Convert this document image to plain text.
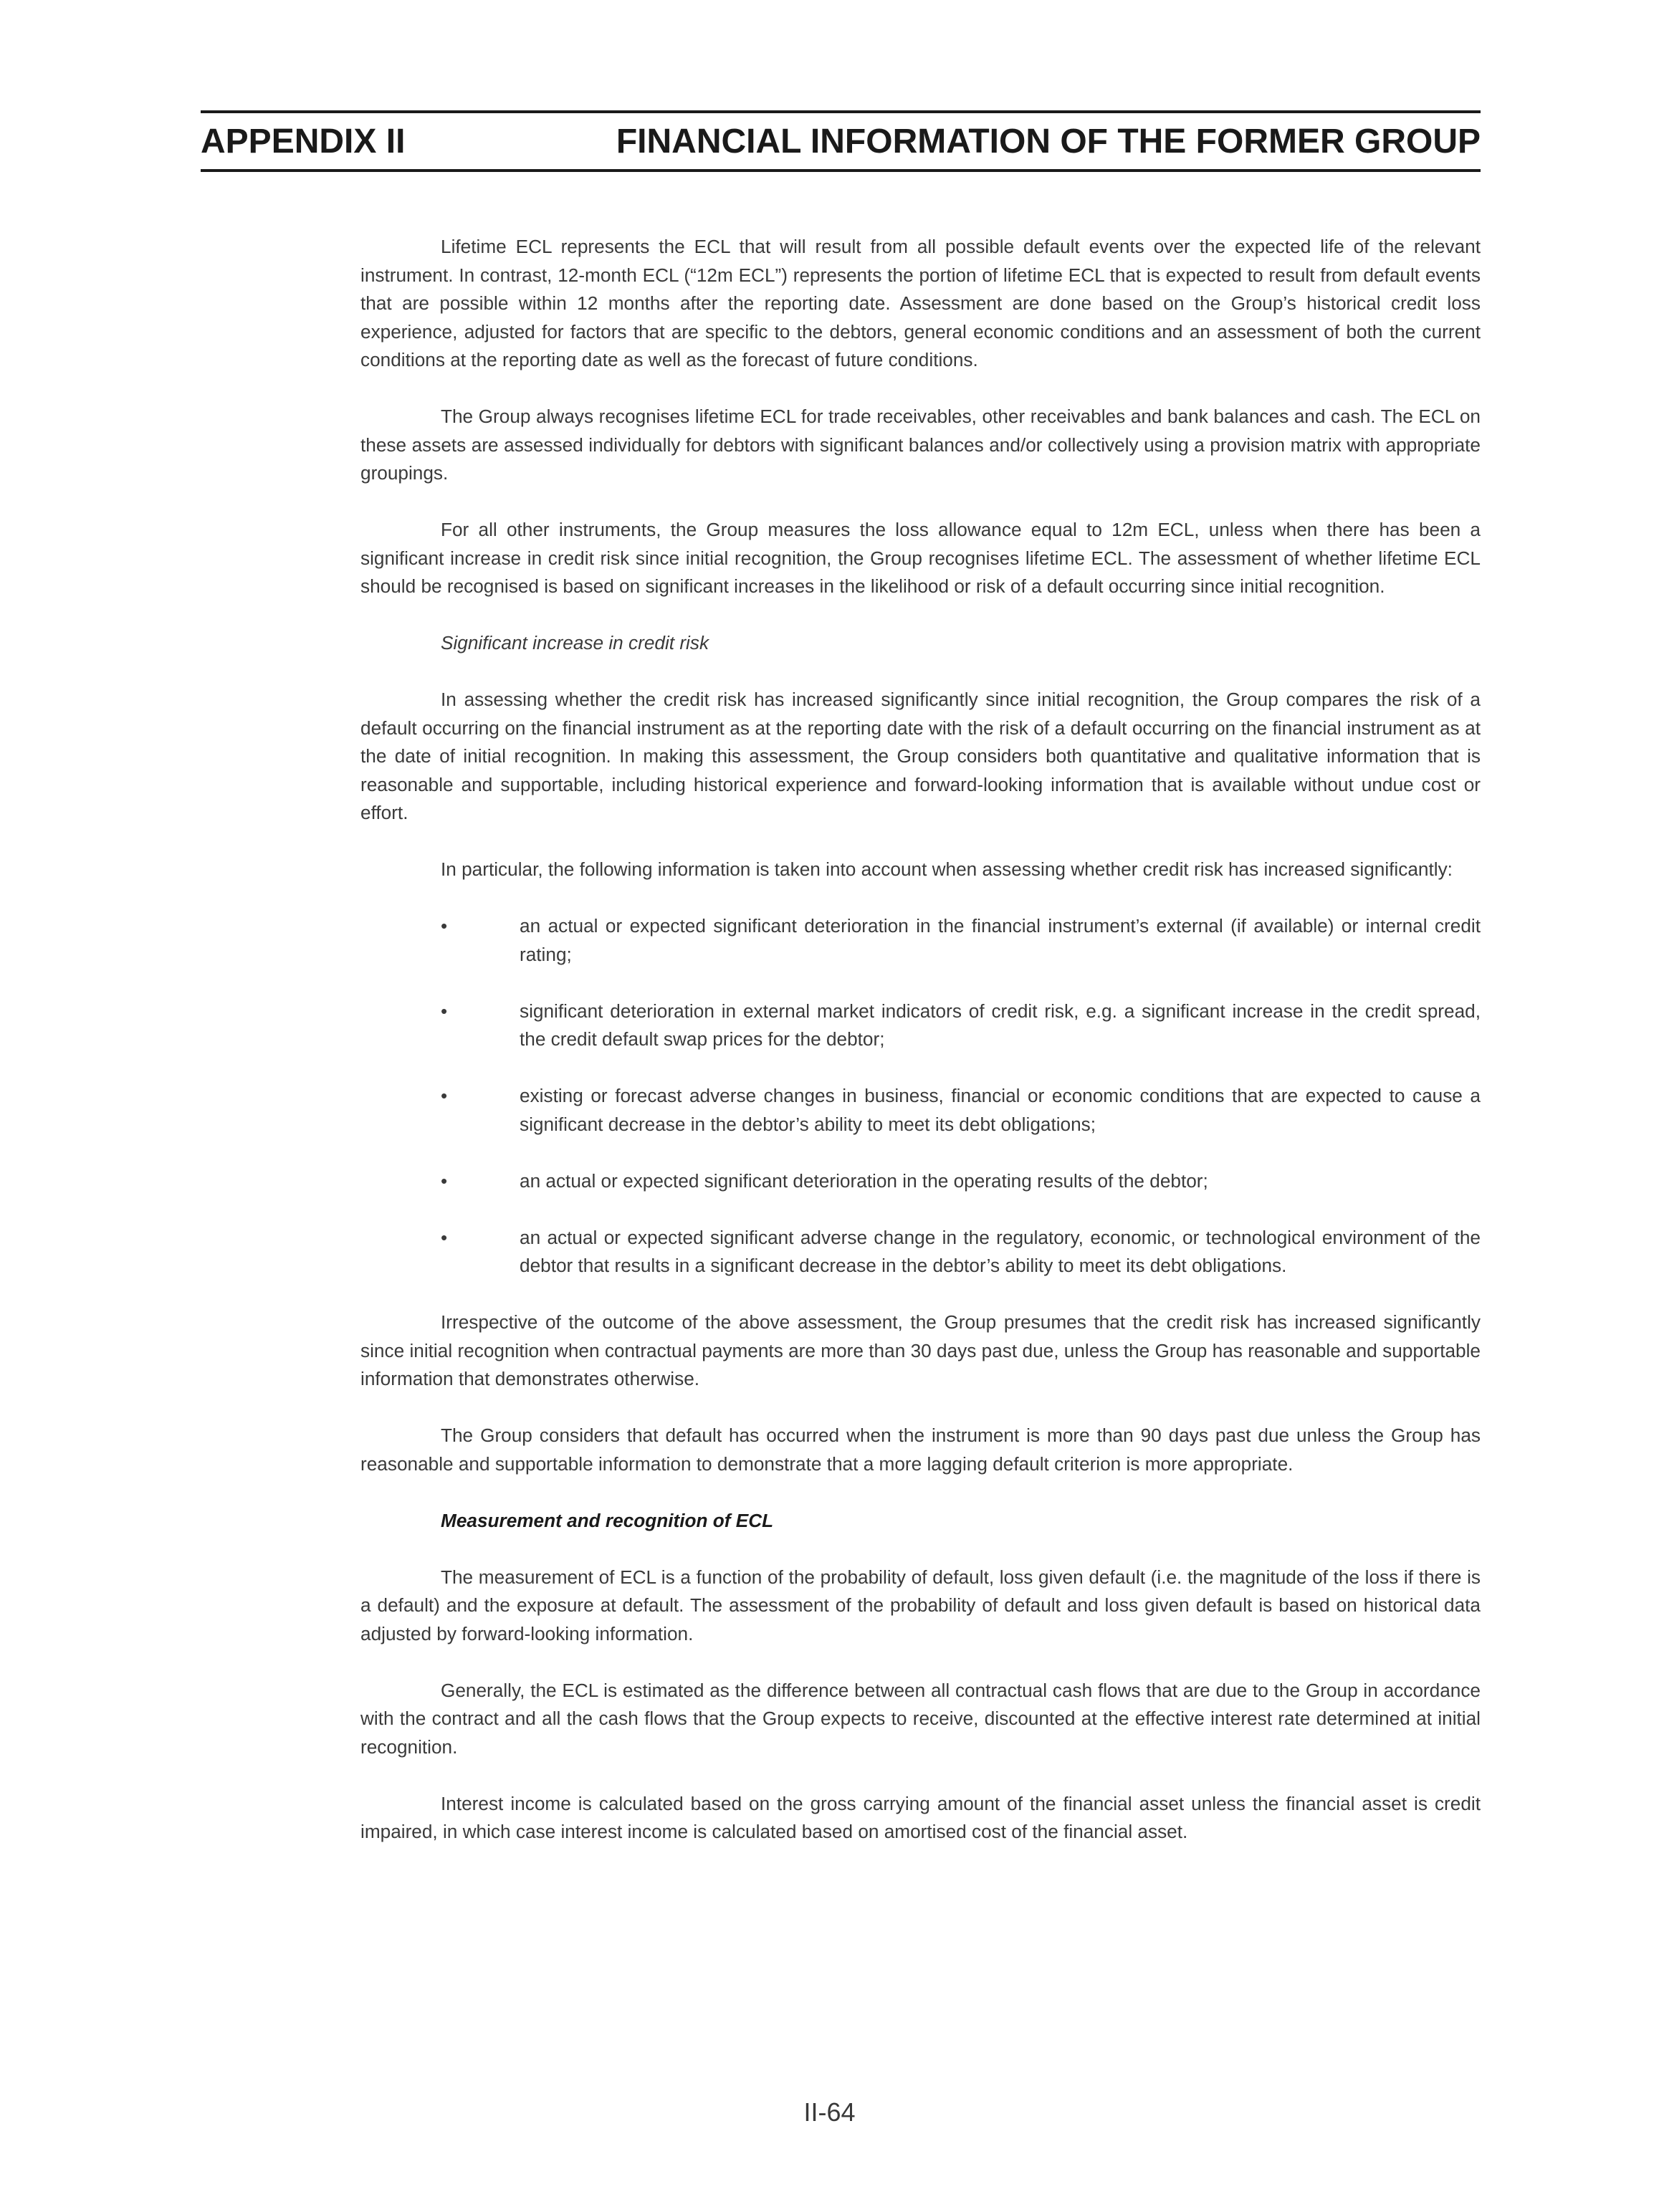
APPENDIX II	FINANCIAL INFORMATION OF THE FORMER GROUP

Lifetime ECL represents the ECL that will result from all possible default events over the expected life of the relevant instrument. In contrast, 12-month ECL (“12m ECL”) represents the portion of lifetime ECL that is expected to result from default events that are possible within 12 months after the reporting date. Assessment are done based on the Group’s historical credit loss experience, adjusted for factors that are specific to the debtors, general economic conditions and an assessment of both the current conditions at the reporting date as well as the forecast of future conditions.

The Group always recognises lifetime ECL for trade receivables, other receivables and bank balances and cash. The ECL on these assets are assessed individually for debtors with significant balances and/or collectively using a provision matrix with appropriate groupings.

For all other instruments, the Group measures the loss allowance equal to 12m ECL, unless when there has been a significant increase in credit risk since initial recognition, the Group recognises lifetime ECL. The assessment of whether lifetime ECL should be recognised is based on significant increases in the likelihood or risk of a default occurring since initial recognition.

Significant increase in credit risk

In assessing whether the credit risk has increased significantly since initial recognition, the Group compares the risk of a default occurring on the financial instrument as at the reporting date with the risk of a default occurring on the financial instrument as at the date of initial recognition. In making this assessment, the Group considers both quantitative and qualitative information that is reasonable and supportable, including historical experience and forward-looking information that is available without undue cost or effort.

In particular, the following information is taken into account when assessing whether credit risk has increased significantly:

•	an actual or expected significant deterioration in the financial instrument’s external (if available) or internal credit rating;
•	significant deterioration in external market indicators of credit risk, e.g. a significant increase in the credit spread, the credit default swap prices for the debtor;
•	existing or forecast adverse changes in business, financial or economic conditions that are expected to cause a significant decrease in the debtor’s ability to meet its debt obligations;
•	an actual or expected significant deterioration in the operating results of the debtor;
•	an actual or expected significant adverse change in the regulatory, economic, or technological environment of the debtor that results in a significant decrease in the debtor’s ability to meet its debt obligations.

Irrespective of the outcome of the above assessment, the Group presumes that the credit risk has increased significantly since initial recognition when contractual payments are more than 30 days past due, unless the Group has reasonable and supportable information that demonstrates otherwise.

The Group considers that default has occurred when the instrument is more than 90 days past due unless the Group has reasonable and supportable information to demonstrate that a more lagging default criterion is more appropriate.

Measurement and recognition of ECL

The measurement of ECL is a function of the probability of default, loss given default (i.e. the magnitude of the loss if there is a default) and the exposure at default. The assessment of the probability of default and loss given default is based on historical data adjusted by forward-looking information.

Generally, the ECL is estimated as the difference between all contractual cash flows that are due to the Group in accordance with the contract and all the cash flows that the Group expects to receive, discounted at the effective interest rate determined at initial recognition.

Interest income is calculated based on the gross carrying amount of the financial asset unless the financial asset is credit impaired, in which case interest income is calculated based on amortised cost of the financial asset.

II-64
